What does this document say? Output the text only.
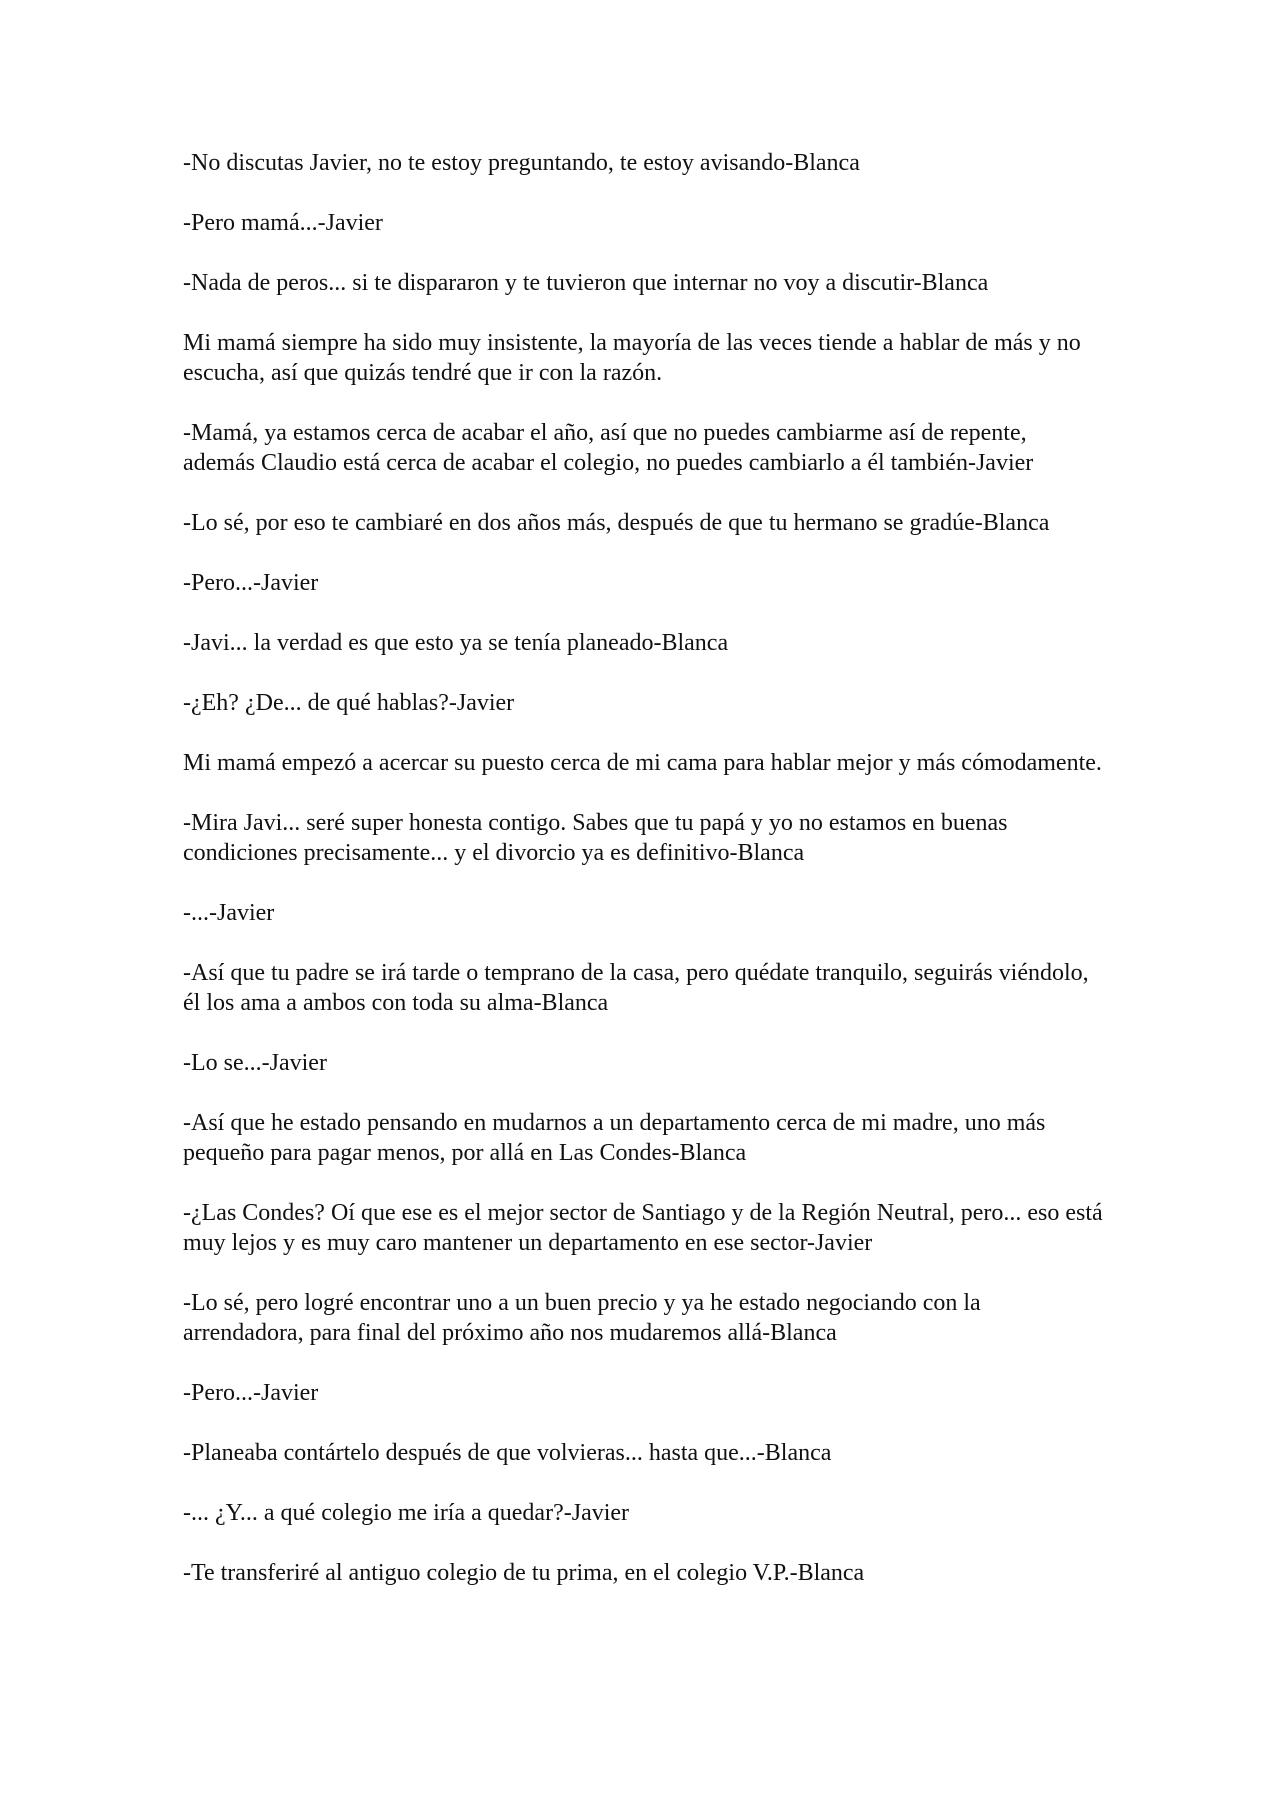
-No discutas Javier, no te estoy preguntando, te estoy avisando-Blanca

-Pero mamá...-Javier

-Nada de peros... si te dispararon y te tuvieron que internar no voy a discutir-Blanca

Mi mamá siempre ha sido muy insistente, la mayoría de las veces tiende a hablar de más y no escucha, así que quizás tendré que ir con la razón.

-Mamá, ya estamos cerca de acabar el año, así que no puedes cambiarme así de repente, además Claudio está cerca de acabar el colegio, no puedes cambiarlo a él también-Javier

-Lo sé, por eso te cambiaré en dos años más, después de que tu hermano se gradúe-Blanca

-Pero...-Javier

-Javi... la verdad es que esto ya se tenía planeado-Blanca

-¿Eh? ¿De... de qué hablas?-Javier

Mi mamá empezó a acercar su puesto cerca de mi cama para hablar mejor y más cómodamente.

-Mira Javi... seré super honesta contigo. Sabes que tu papá y yo no estamos en buenas condiciones precisamente... y el divorcio ya es definitivo-Blanca

-...-Javier

-Así que tu padre se irá tarde o temprano de la casa, pero quédate tranquilo, seguirás viéndolo, él los ama a ambos con toda su alma-Blanca

-Lo se...-Javier

-Así que he estado pensando en mudarnos a un departamento cerca de mi madre, uno más pequeño para pagar menos, por allá en Las Condes-Blanca

-¿Las Condes? Oí que ese es el mejor sector de Santiago y de la Región Neutral, pero... eso está muy lejos y es muy caro mantener un departamento en ese sector-Javier

-Lo sé, pero logré encontrar uno a un buen precio y ya he estado negociando con la arrendadora, para final del próximo año nos mudaremos allá-Blanca

-Pero...-Javier

-Planeaba contártelo después de que volvieras... hasta que...-Blanca

-... ¿Y... a qué colegio me iría a quedar?-Javier

-Te transferiré al antiguo colegio de tu prima, en el colegio V.P.-Blanca
